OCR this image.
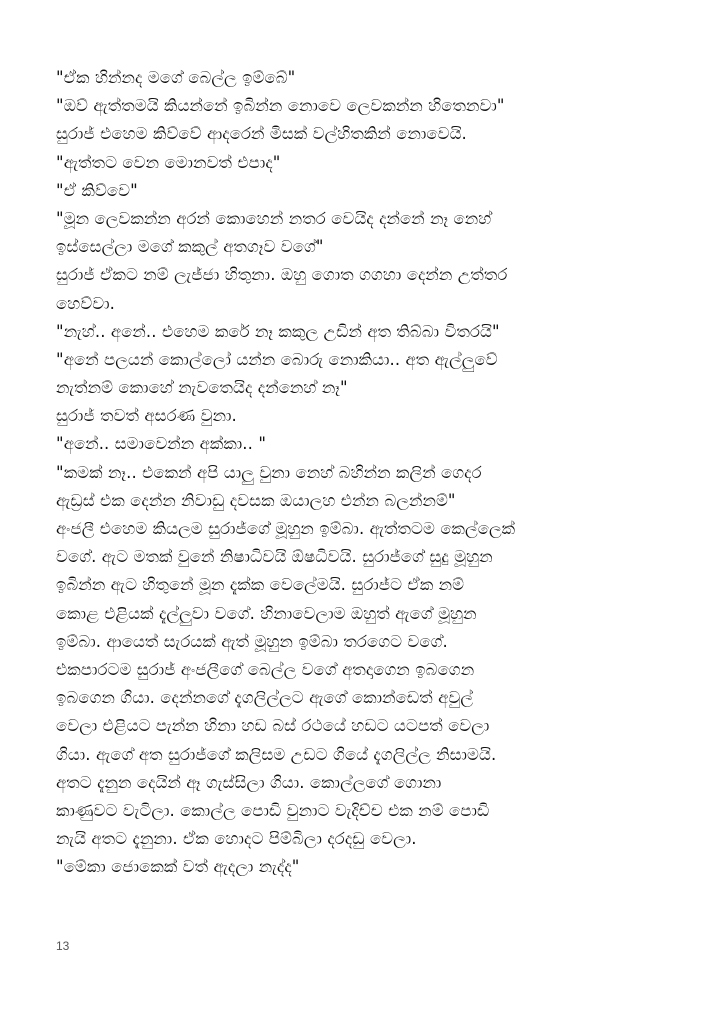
"ඒක හින්නද මගේ බෙල්ල ඉම්බේ"
"ඔව් ඇත්තමයි කියන්නේ ඉබින්න නොවෙ ලෙවකන්න හිතෙනවා"
සුරාජ් එහෙම කිව්වේ ආදරෙන් මිසක් වල්හිතකින් නොවෙයි.
"ඇත්තට වෙන මොනවත් එපාද"
"ඒ කිව්වෙ"
"මූන ලෙවකන්න අරන් කොහෙන් නතර වෙයිද දන්නේ නෑ නෙහ්
ඉස්සෙල්ලා මගේ කකුල් අතගෑව වගේ"
සුරාජ් ඒකට නම් ලැජ්ජා හිතුනා. ඔහු ගොත ගගහා දෙන්න උත්තර
හෙව්වා.
"නැහ්.. අනේ.. එහෙම කරේ නෑ කකුල උඩින් අත තිබ්බා විතරයි"
"අනේ පලයන් කොල්ලෝ යන්න බොරු නොකියා.. අත ඇල්ලුවේ
නැත්නම් කොහේ නැවතෙයිද දන්නෙහ් නෑ"
සුරාජ් තවත් අසරණ වුනා.
"අනේ.. සමාවෙන්න අක්කා.. "
"කමක් නෑ.. එකෙන් අපි යාලු වුනා නෙහ් බහින්න කලින් ගෙදර
ඇඩ්‍රස් එක දෙන්න නිවාඩු දවසක ඔයාලහ එන්න බලන්නම්"
අංජලී එහෙම කියලම සුරාජ්ගේ මූහුන ඉම්බා. ඇත්තටම කෙල්ලෙක්
වගේ. ඇට මතක් වුනේ නිෂාධිවයි ඕෂධිවයි. සුරාජ්ගේ සුදු මූහුන
ඉබින්න ඇට හිතුනේ මූන දැක්ක වෙලේමයි. සුරාජ්ට ඒක නම්
කොළ එළියක් දැල්ලුවා වගේ. හිනාවෙලාම ඔහුත් ඇගේ මූහුන
ඉම්බා. ආයෙත් සැරයක් ඇත් මූහුන ඉම්බා තරගෙට වගේ.
එකපාරටම සුරාජ් අංජලීගේ බෙල්ල වගේ අතදාගෙන ඉබගෙන
ඉබගෙන ගියා. දෙන්නගේ දැගලිල්ලට ඇගේ කොන්ඩෙත් අවුල්
වෙලා එළියට පැන්න හිනා හඩ බස් රථයේ හඩට යටපත් වෙලා
ගියා. ඇගේ අත සුරාජ්ගේ කලිසම උඩට ගියේ දැගලිල්ල නිසාමයි.
අතට දැනුන දෙයින් ඈ ගැස්සිලා ගියා. කොල්ලගේ ගොනා
කාණුවට වැටිලා. කොල්ල පොඩි වුනාට වැදිච්ච එක නම් පොඩි
නැයි අතට දැනුනා. ඒක හොදට පිම්බිලා දරදඩු වෙලා.
"මේකා ජොකෙක් වත් ඇදලා නැද්ද"
13
